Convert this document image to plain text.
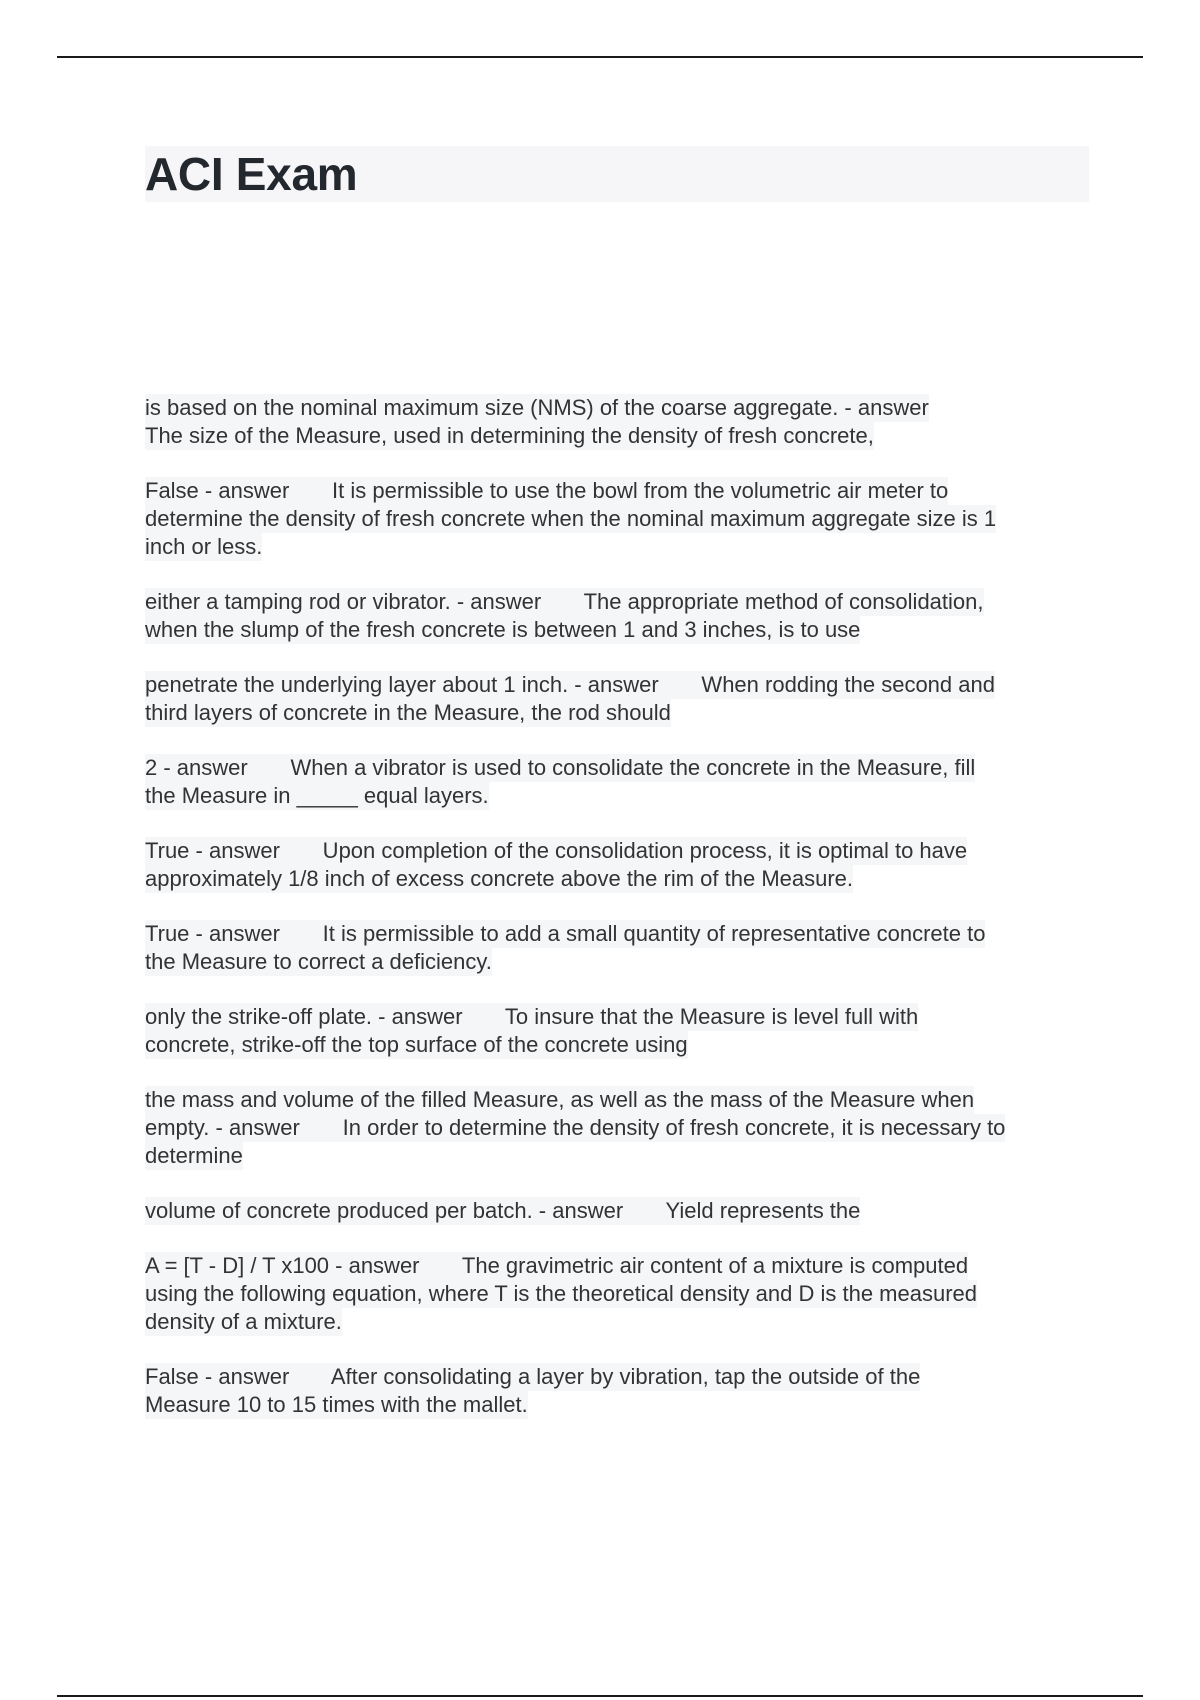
ACI Exam

is based on the nominal maximum size (NMS) of the coarse aggregate. - answer
The size of the Measure, used in determining the density of fresh concrete,

False - answer       It is permissible to use the bowl from the volumetric air meter to
determine the density of fresh concrete when the nominal maximum aggregate size is 1
inch or less.

either a tamping rod or vibrator. - answer       The appropriate method of consolidation,
when the slump of the fresh concrete is between 1 and 3 inches, is to use

penetrate the underlying layer about 1 inch. - answer       When rodding the second and
third layers of concrete in the Measure, the rod should

2 - answer       When a vibrator is used to consolidate the concrete in the Measure, fill
the Measure in _____ equal layers.

True - answer       Upon completion of the consolidation process, it is optimal to have
approximately 1/8 inch of excess concrete above the rim of the Measure.

True - answer       It is permissible to add a small quantity of representative concrete to
the Measure to correct a deficiency.

only the strike-off plate. - answer       To insure that the Measure is level full with
concrete, strike-off the top surface of the concrete using

the mass and volume of the filled Measure, as well as the mass of the Measure when
empty. - answer       In order to determine the density of fresh concrete, it is necessary to
determine

volume of concrete produced per batch. - answer       Yield represents the

A = [T - D] / T x100 - answer       The gravimetric air content of a mixture is computed
using the following equation, where T is the theoretical density and D is the measured
density of a mixture.

False - answer       After consolidating a layer by vibration, tap the outside of the
Measure 10 to 15 times with the mallet.
